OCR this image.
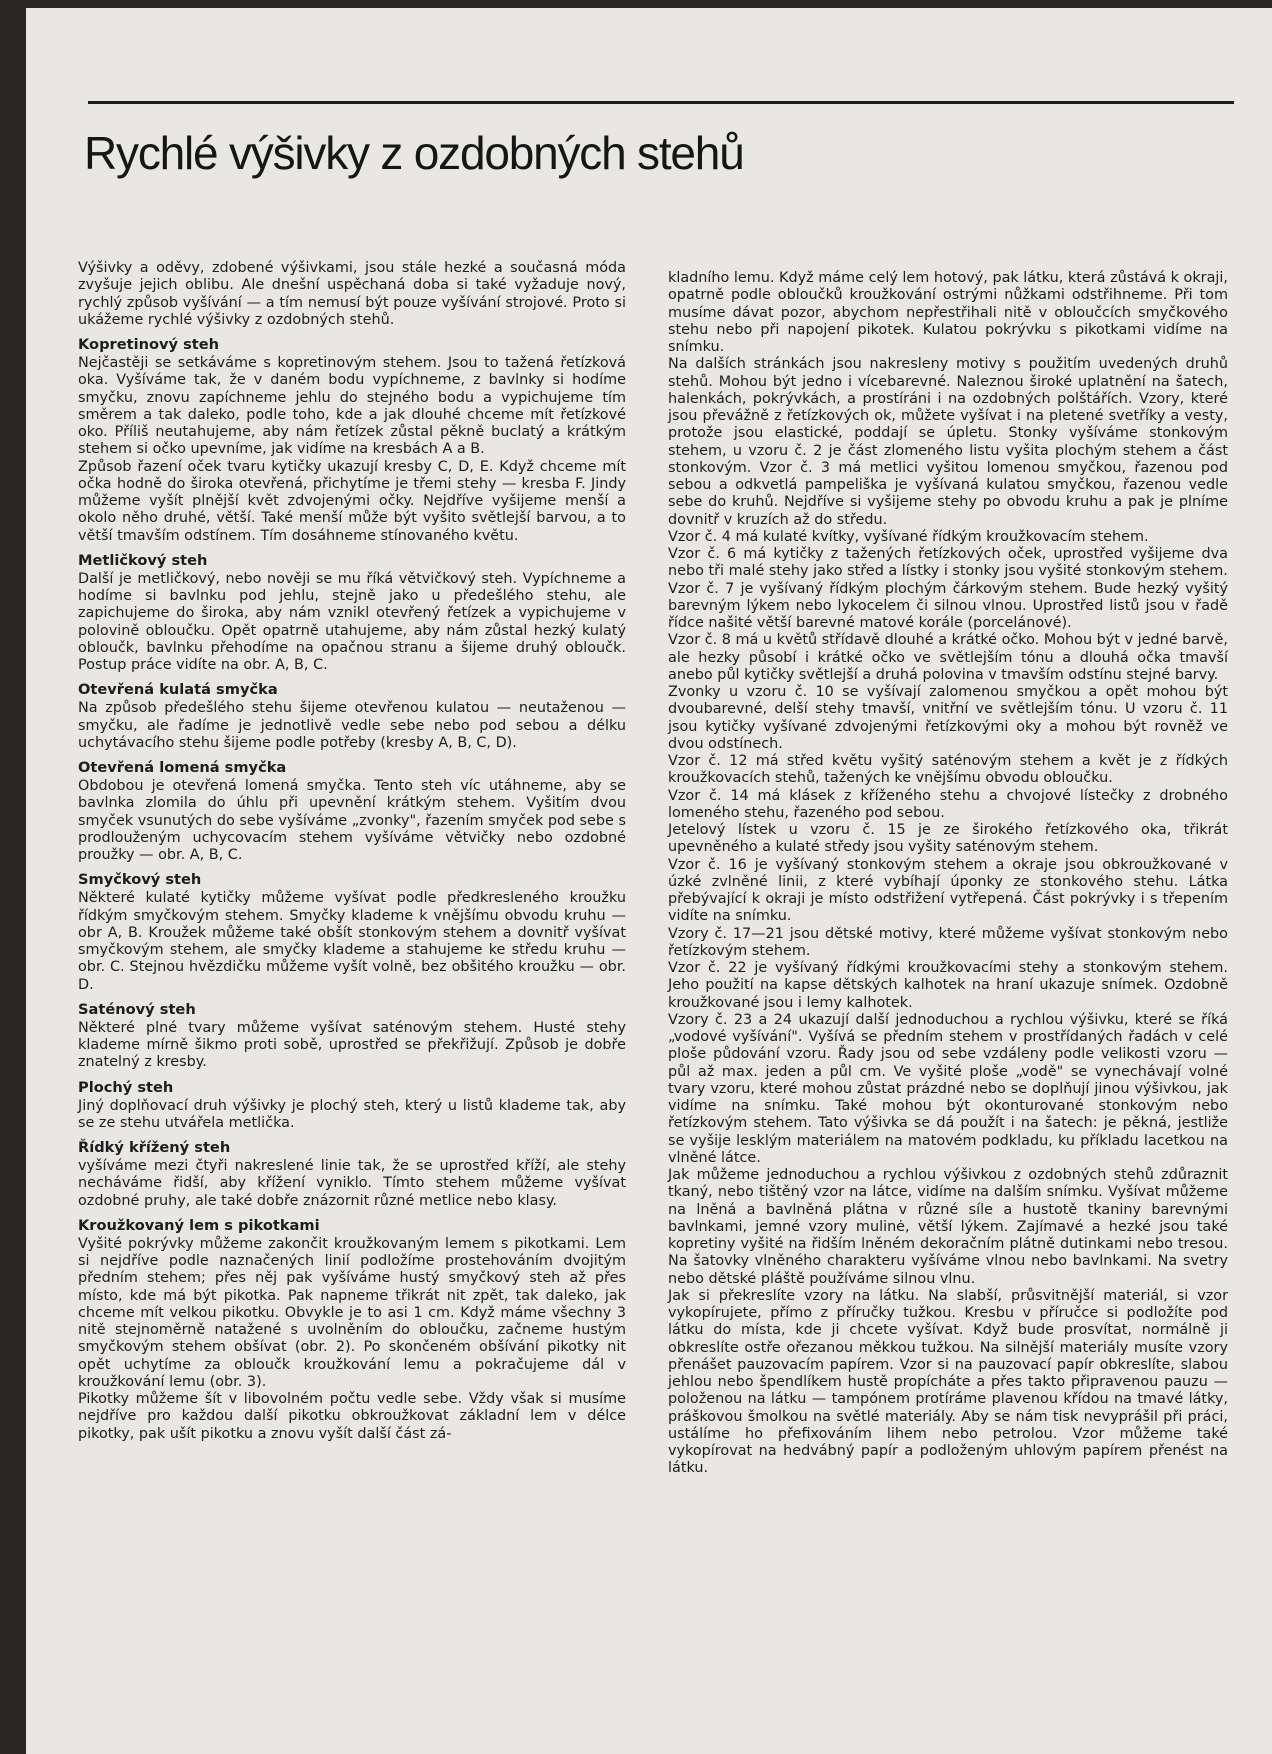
Rychlé výšivky z ozdobných stehů

Výšivky a oděvy, zdobené výšivkami, jsou stále hezké a současná móda zvyšuje jejich oblibu. Ale dnešní uspěchaná doba si také vyžaduje nový, rychlý způsob vyšívání — a tím nemusí být pouze vyšívání strojové. Proto si ukážeme rychlé výšivky z ozdobných stehů.

Kopretinový steh

Nejčastěji se setkáváme s kopretinovým stehem. Jsou to tažená řetízková oka. Vyšíváme tak, že v daném bodu vypíchneme, z bavlnky si hodíme smyčku, znovu zapíchneme jehlu do stejného bodu a vypichujeme tím směrem a tak daleko, podle toho, kde a jak dlouhé chceme mít řetízkové oko. Příliš neutahujeme, aby nám řetízek zůstal pěkně buclatý a krátkým stehem si očko upevníme, jak vidíme na kresbách A a B.

Způsob řazení oček tvaru kytičky ukazují kresby C, D, E. Když chceme mít očka hodně do široka otevřená, přichytíme je třemi stehy — kresba F. Jindy můžeme vyšít plnější květ zdvojenými očky. Nejdříve vyšijeme menší a okolo něho druhé, větší. Také menší může být vyšito světlejší barvou, a to větší tmavším odstínem. Tím dosáhneme stínovaného květu.

Metličkový steh

Další je metličkový, nebo nověji se mu říká větvičkový steh. Vypíchneme a hodíme si bavlnku pod jehlu, stejně jako u předešlého stehu, ale zapichujeme do široka, aby nám vznikl otevřený řetízek a vypichujeme v polovině obloučku. Opět opatrně utahujeme, aby nám zůstal hezký kulatý obloučk, bavlnku přehodíme na opačnou stranu a šijeme druhý obloučk. Postup práce vidíte na obr. A, B, C.

Otevřená kulatá smyčka

Na způsob předešlého stehu šijeme otevřenou kulatou — neutaženou — smyčku, ale řadíme je jednotlivě vedle sebe nebo pod sebou a délku uchytávacího stehu šijeme podle potřeby (kresby A, B, C, D).

Otevřená lomená smyčka

Obdobou je otevřená lomená smyčka. Tento steh víc utáhneme, aby se bavlnka zlomila do úhlu při upevnění krátkým stehem. Vyšitím dvou smyček vsunutých do sebe vyšíváme „zvonky", řazením smyček pod sebe s prodlouženým uchycovacím stehem vyšíváme větvičky nebo ozdobné proužky — obr. A, B, C.

Smyčkový steh

Některé kulaté kytičky můžeme vyšívat podle předkresleného kroužku řídkým smyčkovým stehem. Smyčky klademe k vnějšímu obvodu kruhu — obr A, B. Kroužek můžeme také obšít stonkovým stehem a dovnitř vyšívat smyčkovým stehem, ale smyčky klademe a stahujeme ke středu kruhu — obr. C. Stejnou hvězdičku můžeme vyšít volně, bez obšitého kroužku — obr. D.

Saténový steh

Některé plné tvary můžeme vyšívat saténovým stehem. Husté stehy klademe mírně šikmo proti sobě, uprostřed se překřižují. Způsob je dobře znatelný z kresby.

Plochý steh

Jiný doplňovací druh výšivky je plochý steh, který u listů klademe tak, aby se ze stehu utvářela metlička.

Řídký křížený steh

vyšíváme mezi čtyři nakreslené linie tak, že se uprostřed kříží, ale stehy necháváme řidší, aby křížení vyniklo. Tímto stehem můžeme vyšívat ozdobné pruhy, ale také dobře znázornit různé metlice nebo klasy.

Kroužkovaný lem s pikotkami

Vyšité pokrývky můžeme zakončit kroužkovaným lemem s pikotkami. Lem si nejdříve podle naznačených linií podložíme prostehováním dvojitým předním stehem; přes něj pak vyšíváme hustý smyčkový steh až přes místo, kde má být pikotka. Pak napneme třikrát nit zpět, tak daleko, jak chceme mít velkou pikotku. Obvykle je to asi 1 cm. Když máme všechny 3 nitě stejnoměrně natažené s uvolněním do obloučku, začneme hustým smyčkovým stehem obšívat (obr. 2). Po skončeném obšívání pikotky nit opět uchytíme za obloučk kroužkování lemu a pokračujeme dál v kroužkování lemu (obr. 3).

Pikotky můžeme šít v libovolném počtu vedle sebe. Vždy však si musíme nejdříve pro každou další pikotku obkroužkovat základní lem v délce pikotky, pak ušít pikotku a znovu vyšít další část zá-

kladního lemu. Když máme celý lem hotový, pak látku, která zůstává k okraji, opatrně podle obloučků kroužkování ostrými nůžkami odstřihneme. Při tom musíme dávat pozor, abychom nepřestřihali nitě v obloučcích smyčkového stehu nebo při napojení pikotek. Kulatou pokrývku s pikotkami vidíme na snímku.

Na dalších stránkách jsou nakresleny motivy s použitím uvedených druhů stehů. Mohou být jedno i vícebarevné. Naleznou široké uplatnění na šatech, halenkách, pokrývkách, a prostíráni i na ozdobných polštářích. Vzory, které jsou převážně z řetízkových ok, můžete vyšívat i na pletené svetříky a vesty, protože jsou elastické, poddají se úpletu. Stonky vyšíváme stonkovým stehem, u vzoru č. 2 je část zlomeného listu vyšita plochým stehem a část stonkovým. Vzor č. 3 má metlici vyšitou lomenou smyčkou, řazenou pod sebou a odkvetlá pampeliška je vyšívaná kulatou smyčkou, řazenou vedle sebe do kruhů. Nejdříve si vyšijeme stehy po obvodu kruhu a pak je plníme dovnitř v kruzích až do středu.

Vzor č. 4 má kulaté kvítky, vyšívané řídkým kroužkovacím stehem.

Vzor č. 6 má kytičky z tažených řetízkových oček, uprostřed vyšijeme dva nebo tři malé stehy jako střed a lístky i stonky jsou vyšité stonkovým stehem.

Vzor č. 7 je vyšívaný řídkým plochým čárkovým stehem. Bude hezký vyšitý barevným lýkem nebo lykocelem či silnou vlnou. Uprostřed listů jsou v řadě řídce našité větší barevné matové korále (porcelánové).

Vzor č. 8 má u květů střídavě dlouhé a krátké očko. Mohou být v jedné barvě, ale hezky působí i krátké očko ve světlejším tónu a dlouhá očka tmavší anebo půl kytičky světlejší a druhá polovina v tmavším odstínu stejné barvy.

Zvonky u vzoru č. 10 se vyšívají zalomenou smyčkou a opět mohou být dvoubarevné, delší stehy tmavší, vnitřní ve světlejším tónu. U vzoru č. 11 jsou kytičky vyšívané zdvojenými řetízkovými oky a mohou být rovněž ve dvou odstínech.

Vzor č. 12 má střed květu vyšitý saténovým stehem a květ je z řídkých kroužkovacích stehů, tažených ke vnějšímu obvodu obloučku.

Vzor č. 14 má klásek z kříženého stehu a chvojové lístečky z drobného lomeného stehu, řazeného pod sebou.

Jetelový lístek u vzoru č. 15 je ze širokého řetízkového oka, třikrát upevněného a kulaté středy jsou vyšity saténovým stehem.

Vzor č. 16 je vyšívaný stonkovým stehem a okraje jsou obkroužkované v úzké zvlněné linii, z které vybíhají úponky ze stonkového stehu. Látka přebývající k okraji je místo odstřižení vytřepená. Část pokrývky i s třepením vidíte na snímku.

Vzory č. 17—21 jsou dětské motivy, které můžeme vyšívat stonkovým nebo řetízkovým stehem.

Vzor č. 22 je vyšívaný řídkými kroužkovacími stehy a stonkovým stehem. Jeho použití na kapse dětských kalhotek na hraní ukazuje snímek. Ozdobně kroužkované jsou i lemy kalhotek.

Vzory č. 23 a 24 ukazují další jednoduchou a rychlou výšivku, které se říká „vodové vyšívání". Vyšívá se předním stehem v prostřídaných řadách v celé ploše půdování vzoru. Řady jsou od sebe vzdáleny podle velikosti vzoru — půl až max. jeden a půl cm. Ve vyšité ploše „vodě" se vynechávají volné tvary vzoru, které mohou zůstat prázdné nebo se doplňují jinou výšivkou, jak vidíme na snímku. Také mohou být okonturované stonkovým nebo řetízkovým stehem. Tato výšivka se dá použít i na šatech: je pěkná, jestliže se vyšije lesklým materiálem na matovém podkladu, ku příkladu lacetkou na vlněné látce.

Jak můžeme jednoduchou a rychlou výšivkou z ozdobných stehů zdůraznit tkaný, nebo tištěný vzor na látce, vidíme na dalším snímku. Vyšívat můžeme na lněná a bavlněná plátna v různé síle a hustotě tkaniny barevnými bavlnkami, jemné vzory mulinė, větší lýkem. Zajímavé a hezké jsou také kopretiny vyšité na řidším lněném dekoračním plátně dutinkami nebo tresou. Na šatovky vlněného charakteru vyšíváme vlnou nebo bavlnkami. Na svetry nebo dětské pláště používáme silnou vlnu.

Jak si překreslíte vzory na látku. Na slabší, průsvitnější materiál, si vzor vykopírujete, přímo z příručky tužkou. Kresbu v příručce si podložíte pod látku do místa, kde ji chcete vyšívat. Když bude prosvítat, normálně ji obkreslíte ostře ořezanou měkkou tužkou. Na silnější materiály musíte vzory přenášet pauzovacím papírem. Vzor si na pauzovací papír obkreslíte, slabou jehlou nebo špendlíkem hustě propícháte a přes takto připravenou pauzu — položenou na látku — tampónem protíráme plavenou křídou na tmavé látky, práškovou šmolkou na světlé materiály. Aby se nám tisk nevyprášil při práci, ustálíme ho přefixováním lihem nebo petrolou. Vzor můžeme také vykopírovat na hedvábný papír a podloženým uhlovým papírem přenést na látku.
